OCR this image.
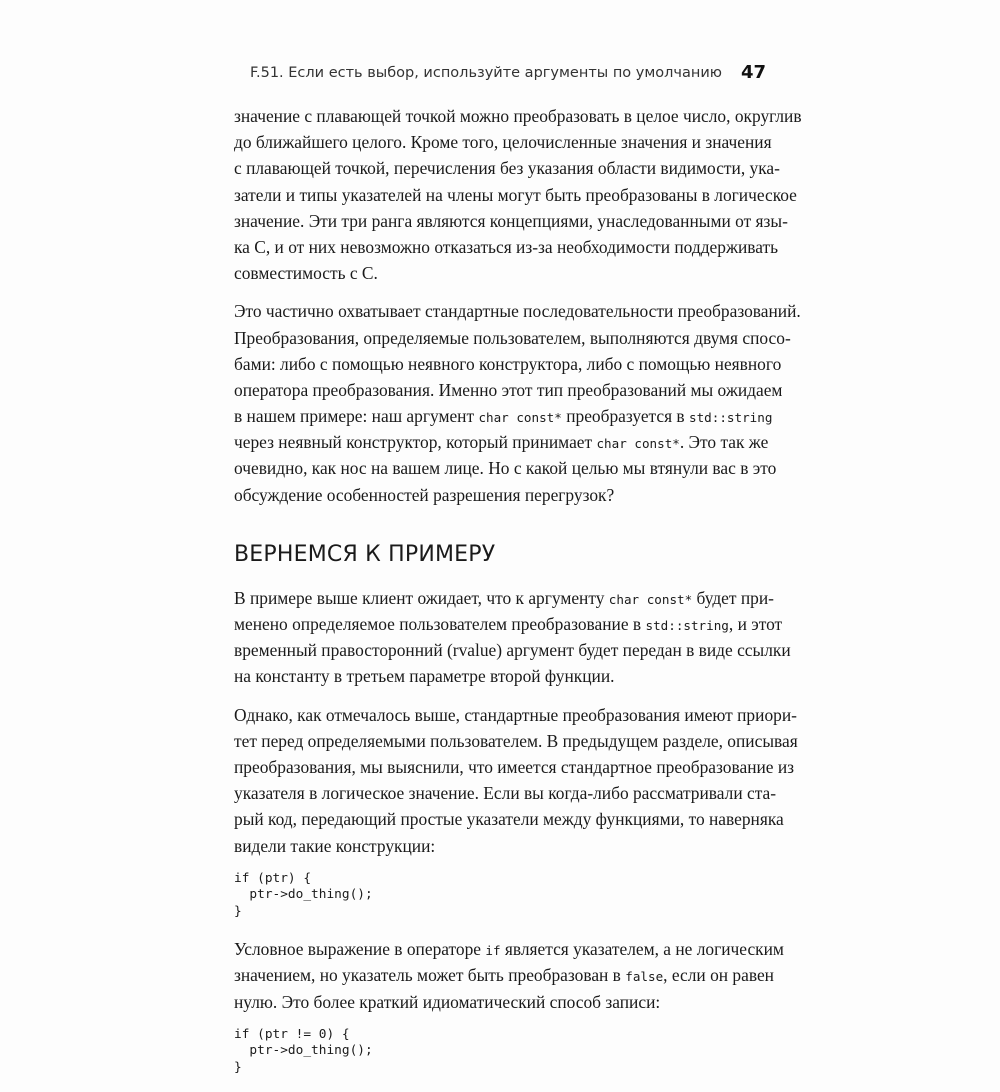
F.51. Если есть выбор, используйте аргументы по умолчанию 47
значение с плавающей точкой можно преобразовать в целое число, округлив
до ближайшего целого. Кроме того, целочисленные значения и значения
с плавающей точкой, перечисления без указания области видимости, ука-
затели и типы указателей на члены могут быть преобразованы в логическое
значение. Эти три ранга являются концепциями, унаследованными от язы-
ка С, и от них невозможно отказаться из-за необходимости поддерживать
совместимость с С.
Это частично охватывает стандартные последовательности преобразований.
Преобразования, определяемые пользователем, выполняются двумя спосо-
бами: либо с помощью неявного конструктора, либо с помощью неявного
оператора преобразования. Именно этот тип преобразований мы ожидаем
в нашем примере: наш аргумент char const* преобразуется в std::string
через неявный конструктор, который принимает char const*. Это так же
очевидно, как нос на вашем лице. Но с какой целью мы втянули вас в это
обсуждение особенностей разрешения перегрузок?
ВЕРНЕМСЯ К ПРИМЕРУ
В примере выше клиент ожидает, что к аргументу char const* будет при-
менено определяемое пользователем преобразование в std::string, и этот
временный правосторонний (rvalue) аргумент будет передан в виде ссылки
на константу в третьем параметре второй функции.
Однако, как отмечалось выше, стандартные преобразования имеют приори-
тет перед определяемыми пользователем. В предыдущем разделе, описывая
преобразования, мы выяснили, что имеется стандартное преобразование из
указателя в логическое значение. Если вы когда-либо рассматривали ста-
рый код, передающий простые указатели между функциями, то наверняка
видели такие конструкции:
if (ptr) {
ptr->do_thing();
}
Условное выражение в операторе if является указателем, а не логическим
значением, но указатель может быть преобразован в false, если он равен
нулю. Это более краткий идиоматический способ записи:
if (ptr != 0) {
ptr->do_thing();
}
